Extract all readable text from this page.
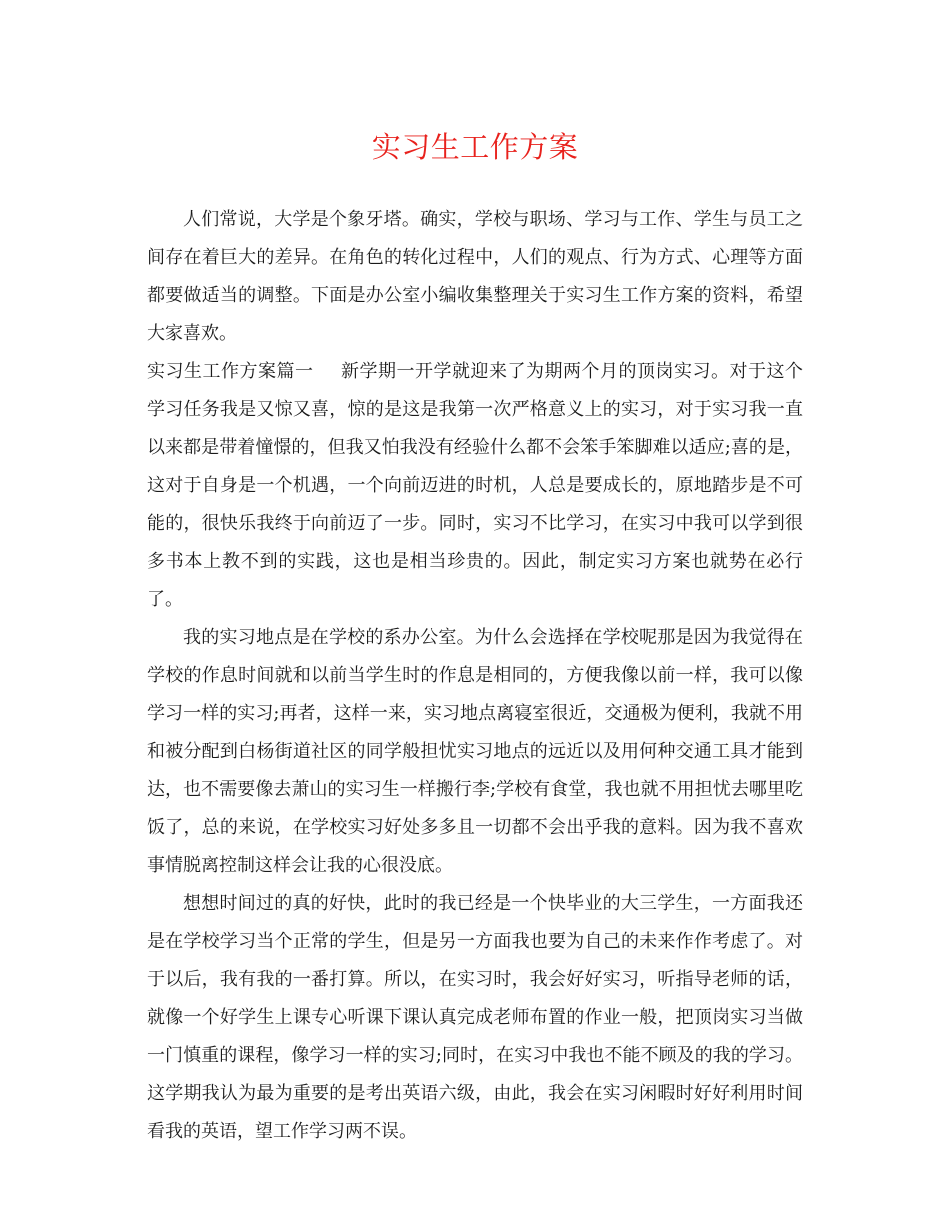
实习生工作方案

人们常说，大学是个象牙塔。确实，学校与职场、学习与工作、学生与员工之间存在着巨大的差异。在角色的转化过程中，人们的观点、行为方式、心理等方面都要做适当的调整。下面是办公室小编收集整理关于实习生工作方案的资料，希望大家喜欢。

实习生工作方案篇一 新学期一开学就迎来了为期两个月的顶岗实习。对于这个学习任务我是又惊又喜，惊的是这是我第一次严格意义上的实习，对于实习我一直以来都是带着憧憬的，但我又怕我没有经验什么都不会笨手笨脚难以适应;喜的是，这对于自身是一个机遇，一个向前迈进的时机，人总是要成长的，原地踏步是不可能的，很快乐我终于向前迈了一步。同时，实习不比学习，在实习中我可以学到很多书本上教不到的实践，这也是相当珍贵的。因此，制定实习方案也就势在必行了。

我的实习地点是在学校的系办公室。为什么会选择在学校呢那是因为我觉得在学校的作息时间就和以前当学生时的作息是相同的，方便我像以前一样，我可以像学习一样的实习;再者，这样一来，实习地点离寝室很近，交通极为便利，我就不用和被分配到白杨街道社区的同学般担忧实习地点的远近以及用何种交通工具才能到达，也不需要像去萧山的实习生一样搬行李;学校有食堂，我也就不用担忧去哪里吃饭了，总的来说，在学校实习好处多多且一切都不会出乎我的意料。因为我不喜欢事情脱离控制这样会让我的心很没底。

想想时间过的真的好快，此时的我已经是一个快毕业的大三学生，一方面我还是在学校学习当个正常的学生，但是另一方面我也要为自己的未来作作考虑了。对于以后，我有我的一番打算。所以，在实习时，我会好好实习，听指导老师的话，就像一个好学生上课专心听课下课认真完成老师布置的作业一般，把顶岗实习当做一门慎重的课程，像学习一样的实习;同时，在实习中我也不能不顾及的我的学习。这学期我认为最为重要的是考出英语六级，由此，我会在实习闲暇时好好利用时间看我的英语，望工作学习两不误。
